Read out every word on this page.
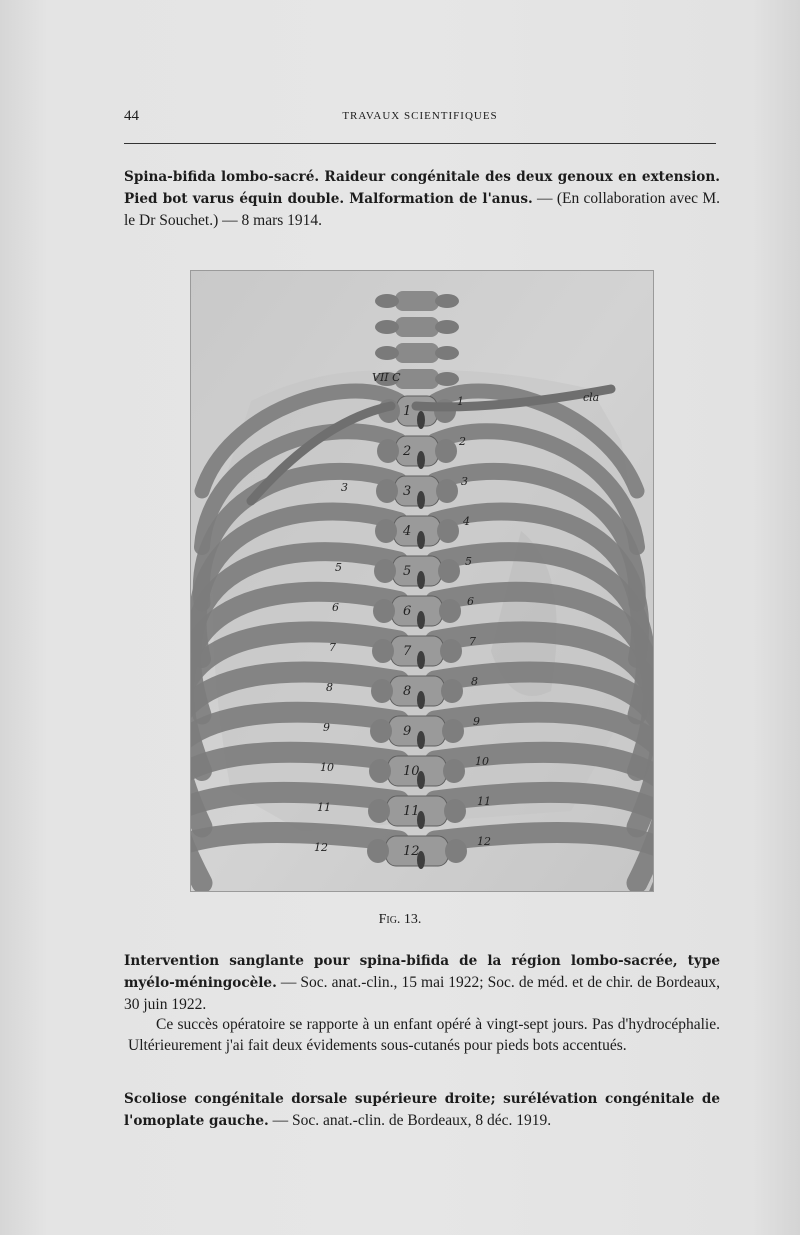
44	TRAVAUX SCIENTIFIQUES
Spina-bifida lombo-sacré. Raideur congénitale des deux genoux en extension. Pied bot varus équin double. Malformation de l'anus. — (En collaboration avec M. le Dr Souchet.) — 8 mars 1914.
VII C
cla
1
2
3
4
5
6
7
8
9
10
11
12
1
2
3
4
5
6
7
8
9
10
11
12
3
5
6
7
8
9
10
11
12
Fig. 13.
Intervention sanglante pour spina-bifida de la région lombo-sacrée, type myélo-méningocèle. — Soc. anat.-clin., 15 mai 1922; Soc. de méd. et de chir. de Bordeaux, 30 juin 1922.
Ce succès opératoire se rapporte à un enfant opéré à vingt-sept jours. Pas d'hydrocéphalie. Ultérieurement j'ai fait deux évidements sous-cutanés pour pieds bots accentués.
Scoliose congénitale dorsale supérieure droite; surélévation congénitale de l'omoplate gauche. — Soc. anat.-clin. de Bordeaux, 8 déc. 1919.
